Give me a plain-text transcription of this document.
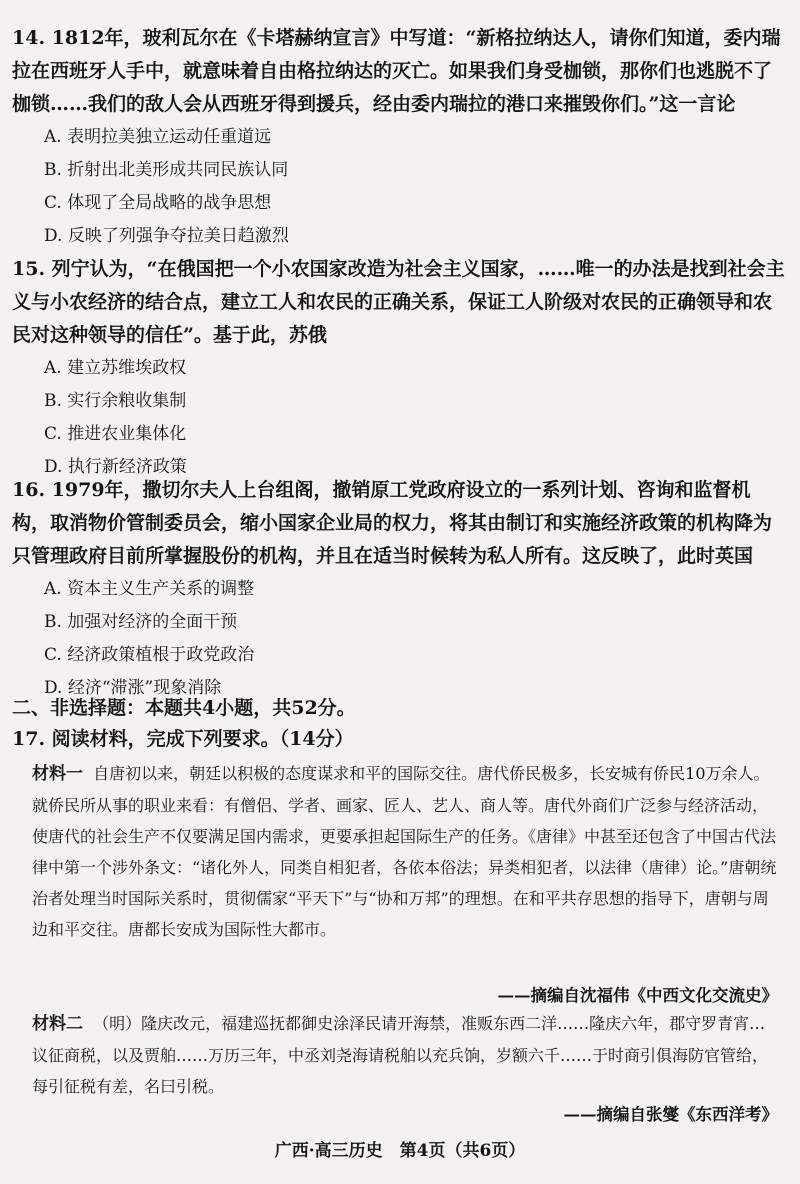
14. 1812年，玻利瓦尔在《卡塔赫纳宣言》中写道：“新格拉纳达人，请你们知道，委内瑞拉在西班牙人手中，就意味着自由格拉纳达的灭亡。如果我们身受枷锁，那你们也逃脱不了枷锁……我们的敌人会从西班牙得到援兵，经由委内瑞拉的港口来摧毁你们。”这一言论

A. 表明拉美独立运动任重道远

B. 折射出北美形成共同民族认同

C. 体现了全局战略的战争思想

D. 反映了列强争夺拉美日趋激烈

15. 列宁认为，“在俄国把一个小农国家改造为社会主义国家，……唯一的办法是找到社会主义与小农经济的结合点，建立工人和农民的正确关系，保证工人阶级对农民的正确领导和农民对这种领导的信任”。基于此，苏俄

A. 建立苏维埃政权

B. 实行余粮收集制

C. 推进农业集体化

D. 执行新经济政策

16. 1979年，撒切尔夫人上台组阁，撤销原工党政府设立的一系列计划、咨询和监督机构，取消物价管制委员会，缩小国家企业局的权力，将其由制订和实施经济政策的机构降为只管理政府目前所掌握股份的机构，并且在适当时候转为私人所有。这反映了，此时英国

A. 资本主义生产关系的调整

B. 加强对经济的全面干预

C. 经济政策植根于政党政治

D. 经济“滞涨”现象消除

二、非选择题：本题共4小题，共52分。

17. 阅读材料，完成下列要求。（14分）

材料一 自唐初以来，朝廷以积极的态度谋求和平的国际交往。唐代侨民极多，长安城有侨民10万余人。就侨民所从事的职业来看：有僧侣、学者、画家、匠人、艺人、商人等。唐代外商们广泛参与经济活动，使唐代的社会生产不仅要满足国内需求，更要承担起国际生产的任务。《唐律》中甚至还包含了中国古代法律中第一个涉外条文：“诸化外人，同类自相犯者，各依本俗法；异类相犯者，以法律（唐律）论。”唐朝统治者处理当时国际关系时，贯彻儒家“平天下”与“协和万邦”的理想。在和平共存思想的指导下，唐朝与周边和平交往。唐都长安成为国际性大都市。

——摘编自沈福伟《中西文化交流史》

材料二 （明）隆庆改元，福建巡抚都御史涂泽民请开海禁，准贩东西二洋……隆庆六年，郡守罗青宵…议征商税，以及贾舶……万历三年，中丞刘尧海请税舶以充兵饷，岁额六千……于时商引俱海防官管给，每引征税有差，名曰引税。

——摘编自张燮《东西洋考》
广西·高三历史　第4页（共6页）
